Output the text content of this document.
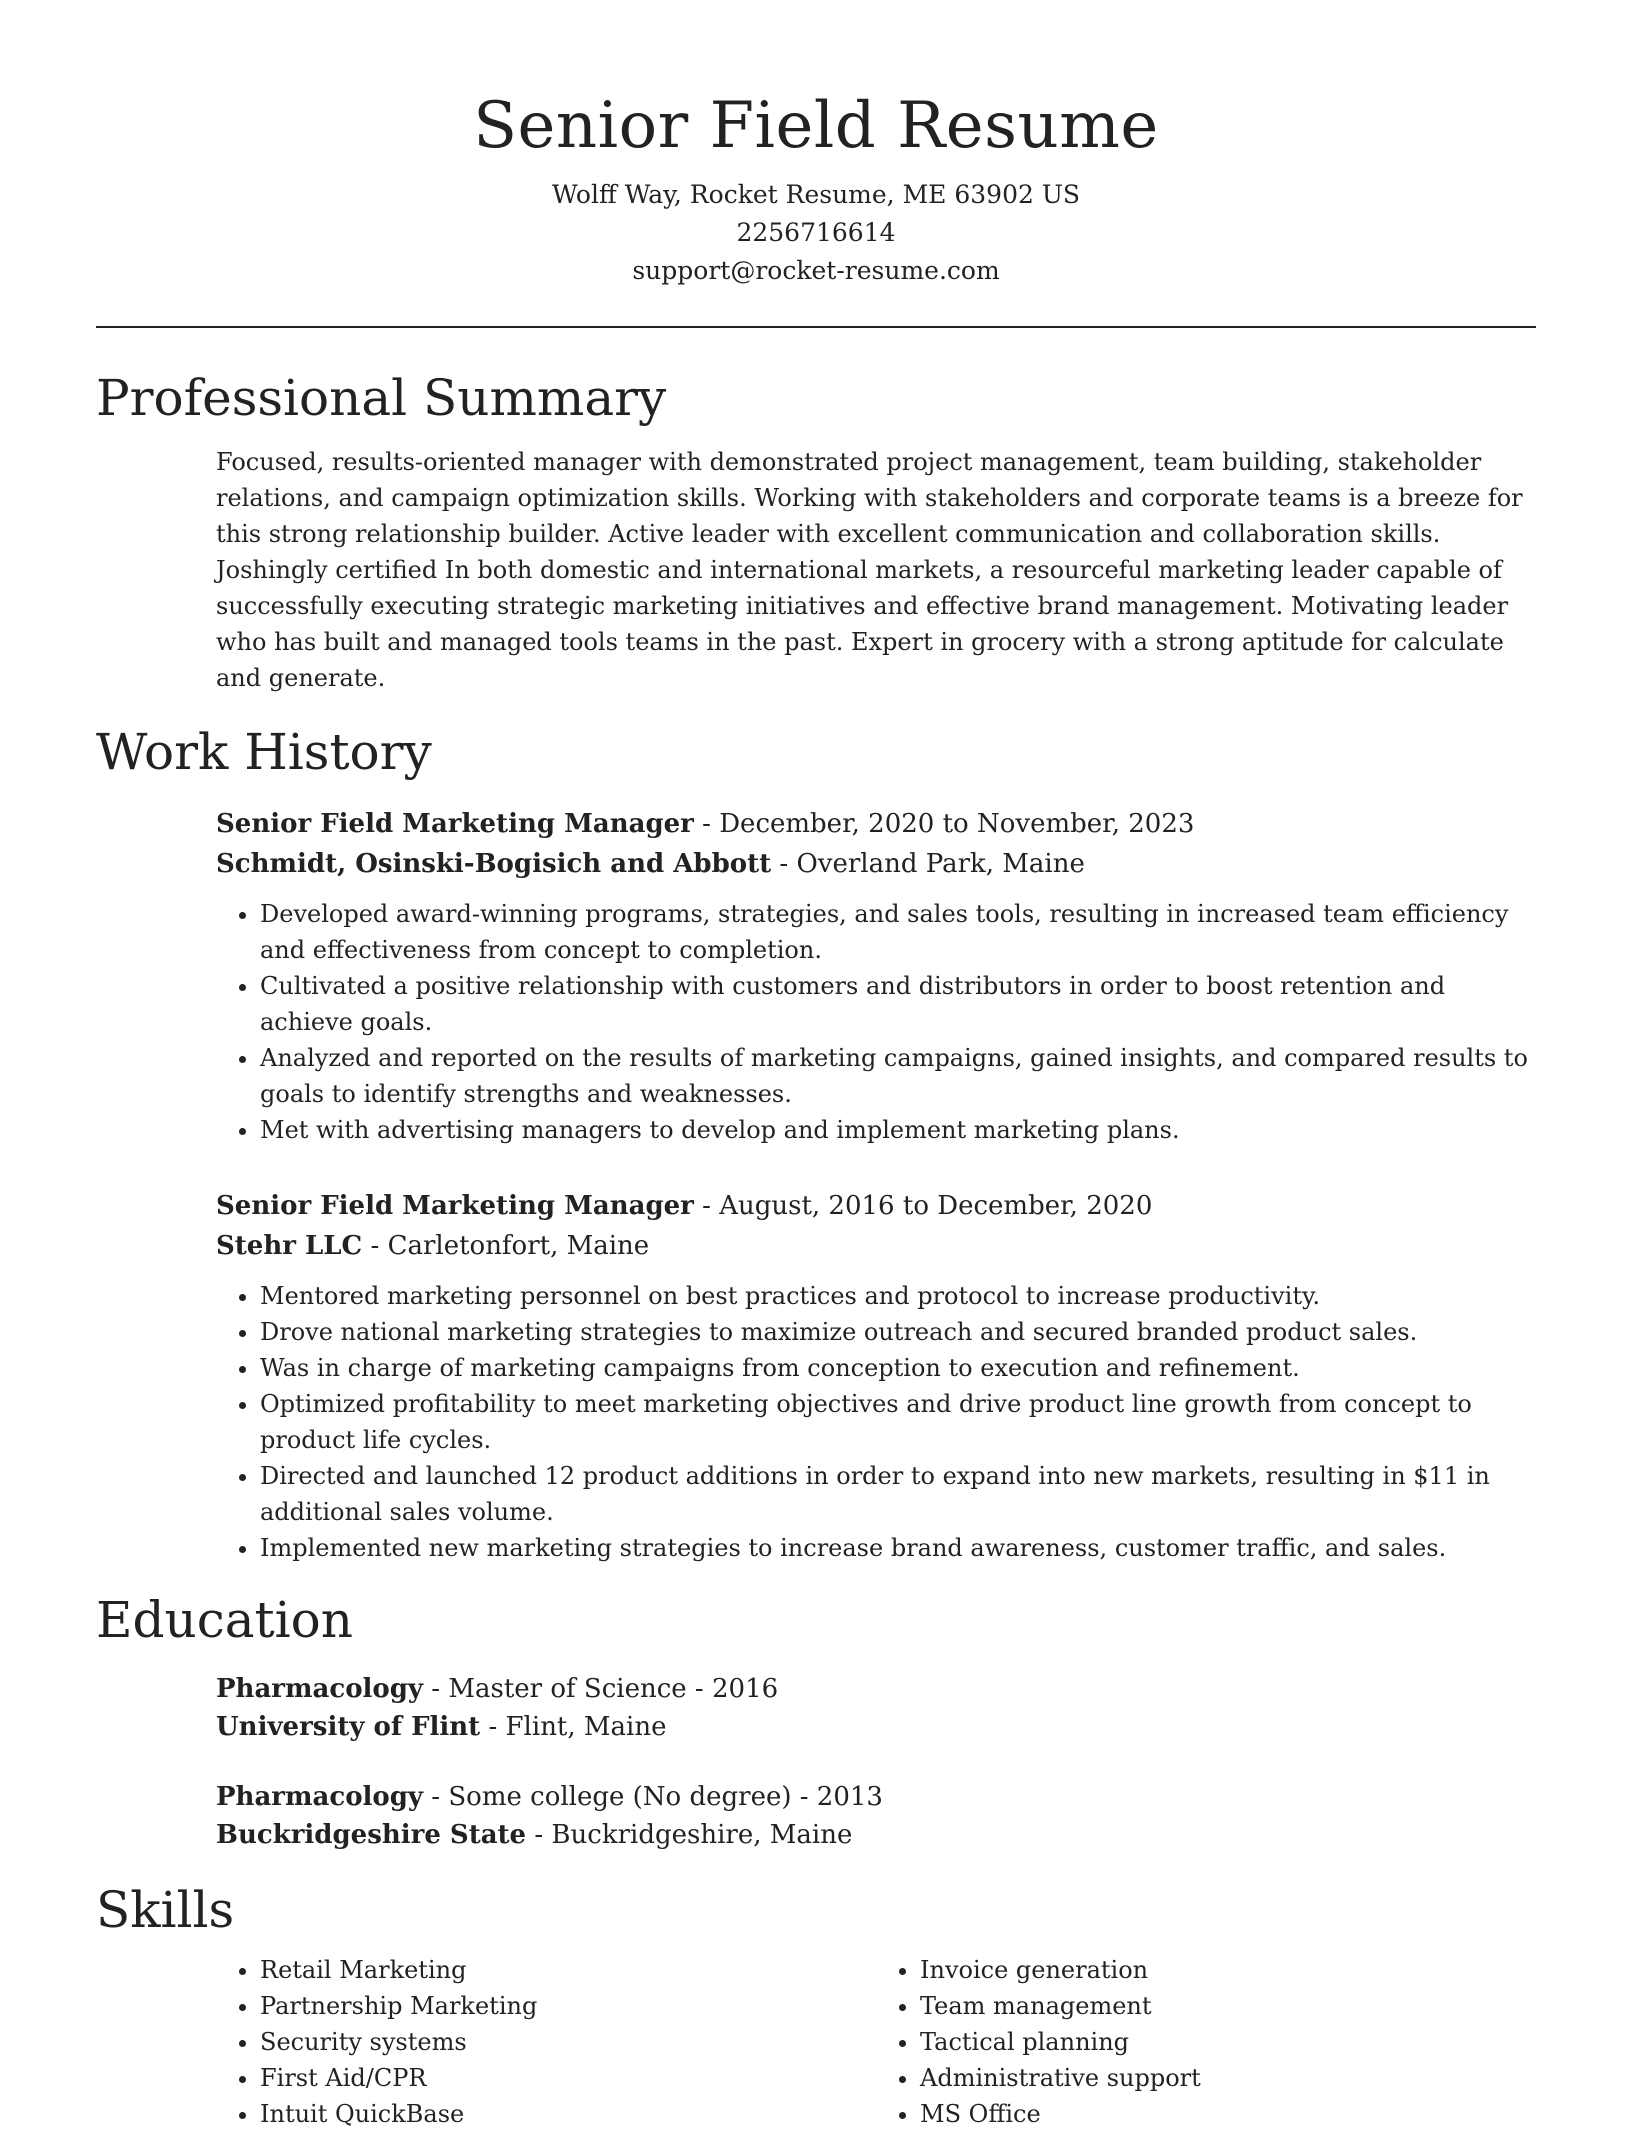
Senior Field Resume
Wolff Way, Rocket Resume, ME 63902 US
2256716614
support@rocket-resume.com
Professional Summary
Focused, results-oriented manager with demonstrated project management, team building, stakeholder relations, and campaign optimization skills. Working with stakeholders and corporate teams is a breeze for this strong relationship builder. Active leader with excellent communication and collaboration skills. Joshingly certified In both domestic and international markets, a resourceful marketing leader capable of successfully executing strategic marketing initiatives and effective brand management. Motivating leader who has built and managed tools teams in the past. Expert in grocery with a strong aptitude for calculate and generate.
Work History
Senior Field Marketing Manager - December, 2020 to November, 2023
Schmidt, Osinski-Bogisich and Abbott - Overland Park, Maine
• Developed award-winning programs, strategies, and sales tools, resulting in increased team efficiency and effectiveness from concept to completion.
• Cultivated a positive relationship with customers and distributors in order to boost retention and achieve goals.
• Analyzed and reported on the results of marketing campaigns, gained insights, and compared results to goals to identify strengths and weaknesses.
• Met with advertising managers to develop and implement marketing plans.
Senior Field Marketing Manager - August, 2016 to December, 2020
Stehr LLC - Carletonfort, Maine
• Mentored marketing personnel on best practices and protocol to increase productivity.
• Drove national marketing strategies to maximize outreach and secured branded product sales.
• Was in charge of marketing campaigns from conception to execution and refinement.
• Optimized profitability to meet marketing objectives and drive product line growth from concept to product life cycles.
• Directed and launched 12 product additions in order to expand into new markets, resulting in $11 in additional sales volume.
• Implemented new marketing strategies to increase brand awareness, customer traffic, and sales.
Education
Pharmacology - Master of Science - 2016
University of Flint - Flint, Maine
Pharmacology - Some college (No degree) - 2013
Buckridgeshire State - Buckridgeshire, Maine
Skills
• Retail Marketing
• Partnership Marketing
• Security systems
• First Aid/CPR
• Intuit QuickBase
• Invoice generation
• Team management
• Tactical planning
• Administrative support
• MS Office
